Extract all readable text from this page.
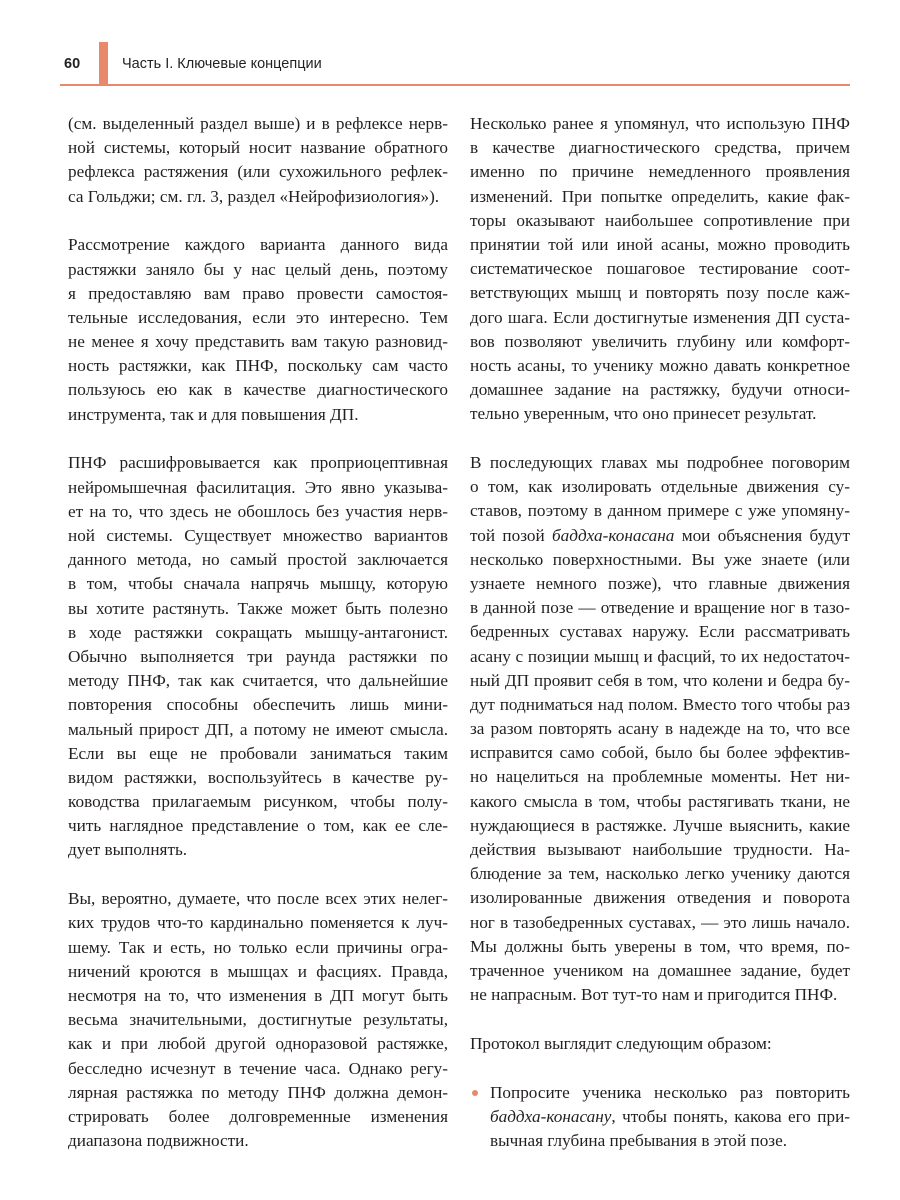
60	Часть I. Ключевые концепции
(см. выделенный раздел выше) и в рефлексе нерв-
ной системы, который носит название обратного
рефлекса растяжения (или сухожильного рефлек-
са Гольджи; см. гл. 3, раздел «Нейрофизиология»).
Рассмотрение каждого варианта данного вида
растяжки заняло бы у нас целый день, поэтому
я предоставляю вам право провести самостоя-
тельные исследования, если это интересно. Тем
не менее я хочу представить вам такую разновид-
ность растяжки, как ПНФ, поскольку сам часто
пользуюсь ею как в качестве диагностического
инструмента, так и для повышения ДП.
ПНФ расшифровывается как проприоцептивная
нейромышечная фасилитация. Это явно указыва-
ет на то, что здесь не обошлось без участия нерв-
ной системы. Существует множество вариантов
данного метода, но самый простой заключается
в том, чтобы сначала напрячь мышцу, которую
вы хотите растянуть. Также может быть полезно
в ходе растяжки сокращать мышцу-антагонист.
Обычно выполняется три раунда растяжки по
методу ПНФ, так как считается, что дальнейшие
повторения способны обеспечить лишь мини-
мальный прирост ДП, а потому не имеют смысла.
Если вы еще не пробовали заниматься таким
видом растяжки, воспользуйтесь в качестве ру-
ководства прилагаемым рисунком, чтобы полу-
чить наглядное представление о том, как ее сле-
дует выполнять.
Вы, вероятно, думаете, что после всех этих нелег-
ких трудов что-то кардинально поменяется к луч-
шему. Так и есть, но только если причины огра-
ничений кроются в мышцах и фасциях. Правда,
несмотря на то, что изменения в ДП могут быть
весьма значительными, достигнутые результаты,
как и при любой другой одноразовой растяжке,
бесследно исчезнут в течение часа. Однако регу-
лярная растяжка по методу ПНФ должна демон-
стрировать более долговременные изменения
диапазона подвижности.
Несколько ранее я упомянул, что использую ПНФ
в качестве диагностического средства, причем
именно по причине немедленного проявления
изменений. При попытке определить, какие фак-
торы оказывают наибольшее сопротивление при
принятии той или иной асаны, можно проводить
систематическое пошаговое тестирование соот-
ветствующих мышц и повторять позу после каж-
дого шага. Если достигнутые изменения ДП суста-
вов позволяют увеличить глубину или комфорт-
ность асаны, то ученику можно давать конкретное
домашнее задание на растяжку, будучи относи-
тельно уверенным, что оно принесет результат.
В последующих главах мы подробнее поговорим
о том, как изолировать отдельные движения су-
ставов, поэтому в данном примере с уже упомяну-
той позой баддха-конасана мои объяснения будут
несколько поверхностными. Вы уже знаете (или
узнаете немного позже), что главные движения
в данной позе — отведение и вращение ног в тазо-
бедренных суставах наружу. Если рассматривать
асану с позиции мышц и фасций, то их недостаточ-
ный ДП проявит себя в том, что колени и бедра бу-
дут подниматься над полом. Вместо того чтобы раз
за разом повторять асану в надежде на то, что все
исправится само собой, было бы более эффектив-
но нацелиться на проблемные моменты. Нет ни-
какого смысла в том, чтобы растягивать ткани, не
нуждающиеся в растяжке. Лучше выяснить, какие
действия вызывают наибольшие трудности. На-
блюдение за тем, насколько легко ученику даются
изолированные движения отведения и поворота
ног в тазобедренных суставах, — это лишь начало.
Мы должны быть уверены в том, что время, по-
траченное учеником на домашнее задание, будет
не напрасным. Вот тут-то нам и пригодится ПНФ.
Протокол выглядит следующим образом:
Попросите ученика несколько раз повторить
баддха-конасану, чтобы понять, какова его при-
вычная глубина пребывания в этой позе.
